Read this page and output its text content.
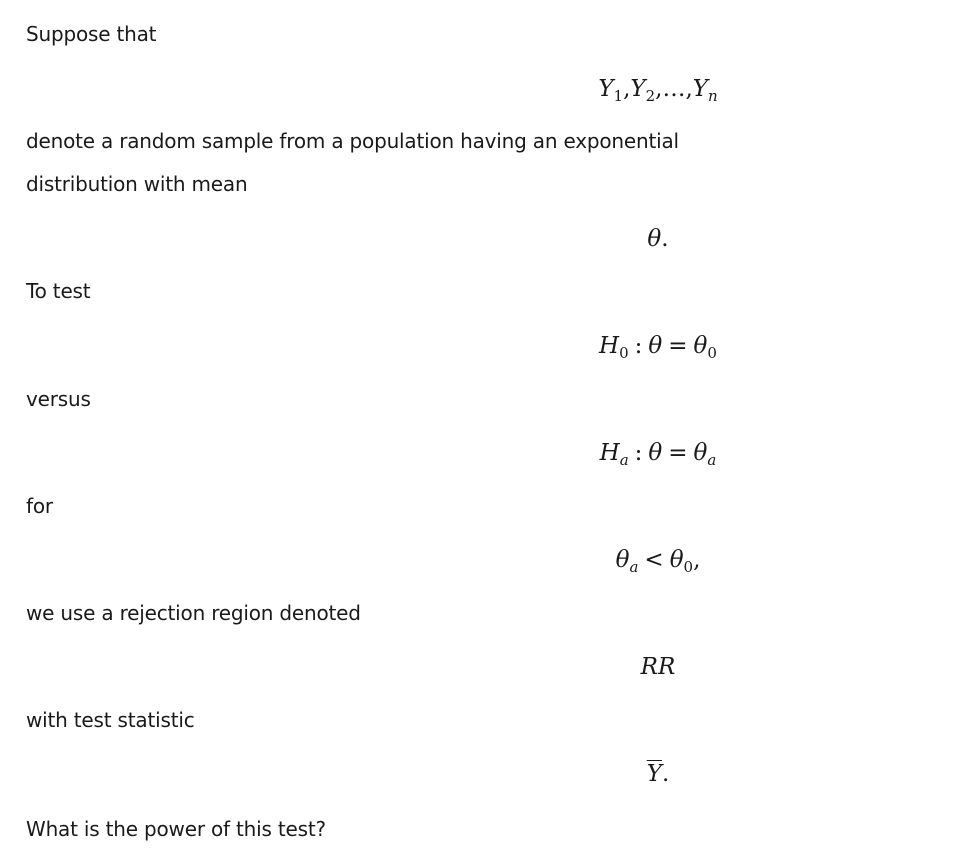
Suppose that
$Y_1,Y_2,\dots,Y_n$
denote a random sample from a population having an exponential
distribution with mean
θ.
To test
$H_0$ : $\theta = \theta_0$
versus
$H_a$ : $\theta = \theta_a$
for
$\theta_a < \theta_0$,
we use a rejection region denoted
RR
with test statistic
$\overline{Y}$.
What is the power of this test?
